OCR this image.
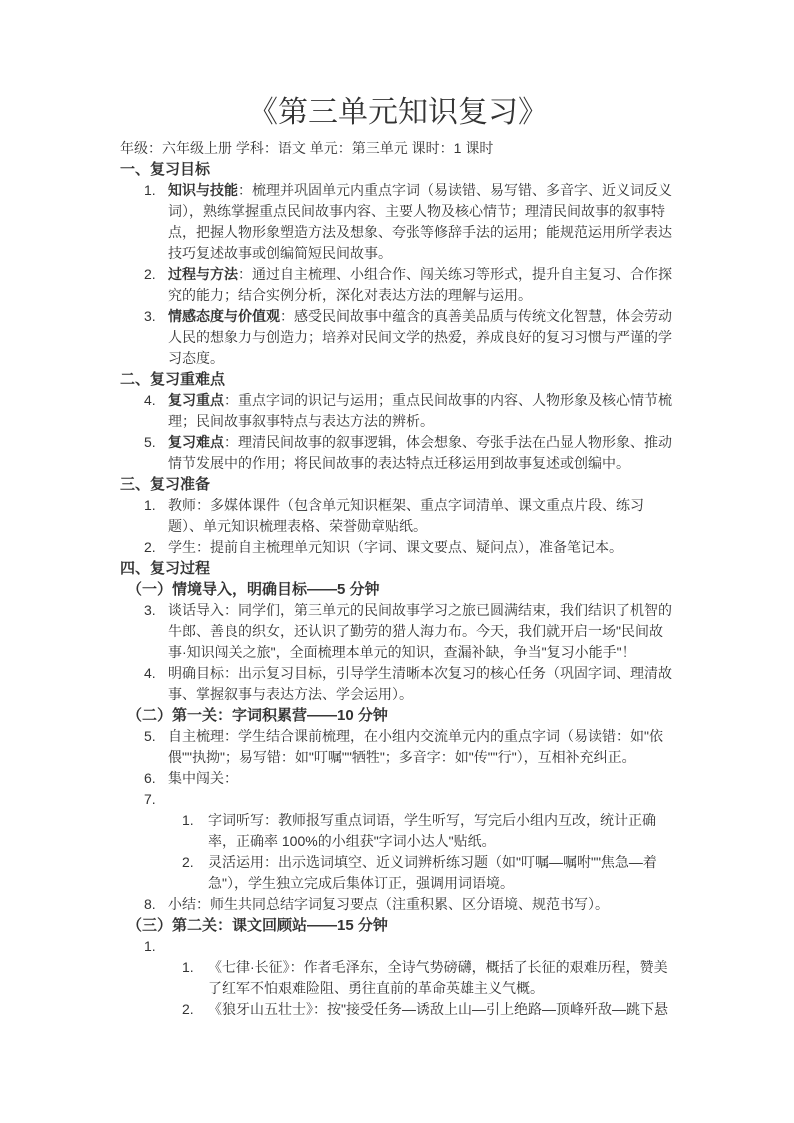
《第三单元知识复习》
年级：六年级上册 学科：语文 单元：第三单元 课时：1 课时
一、复习目标
1. 知识与技能：梳理并巩固单元内重点字词（易读错、易写错、多音字、近义词反义词），熟练掌握重点民间故事内容、主要人物及核心情节；理清民间故事的叙事特点，把握人物形象塑造方法及想象、夸张等修辞手法的运用；能规范运用所学表达技巧复述故事或创编简短民间故事。
2. 过程与方法：通过自主梳理、小组合作、闯关练习等形式，提升自主复习、合作探究的能力；结合实例分析，深化对表达方法的理解与运用。
3. 情感态度与价值观：感受民间故事中蕴含的真善美品质与传统文化智慧，体会劳动人民的想象力与创造力；培养对民间文学的热爱，养成良好的复习习惯与严谨的学习态度。
二、复习重难点
4. 复习重点：重点字词的识记与运用；重点民间故事的内容、人物形象及核心情节梳理；民间故事叙事特点与表达方法的辨析。
5. 复习难点：理清民间故事的叙事逻辑，体会想象、夸张手法在凸显人物形象、推动情节发展中的作用；将民间故事的表达特点迁移运用到故事复述或创编中。
三、复习准备
1. 教师：多媒体课件（包含单元知识框架、重点字词清单、课文重点片段、练习题）、单元知识梳理表格、荣誉勋章贴纸。
2. 学生：提前自主梳理单元知识（字词、课文要点、疑问点），准备笔记本。
四、复习过程
（一）情境导入，明确目标——5 分钟
3. 谈话导入：同学们，第三单元的民间故事学习之旅已圆满结束，我们结识了机智的牛郎、善良的织女，还认识了勤劳的猎人海力布。今天，我们就开启一场"民间故事·知识闯关之旅"，全面梳理本单元的知识，查漏补缺，争当"复习小能手"！
4. 明确目标：出示复习目标，引导学生清晰本次复习的核心任务（巩固字词、理清故事、掌握叙事与表达方法、学会运用）。
（二）第一关：字词积累营——10 分钟
5. 自主梳理：学生结合课前梳理，在小组内交流单元内的重点字词（易读错：如"依偎""执拗"；易写错：如"叮嘱""牺牲"；多音字：如"传""行"），互相补充纠正。
6. 集中闯关：
7.
1. 字词听写：教师报写重点词语，学生听写，写完后小组内互改，统计正确率，正确率 100%的小组获"字词小达人"贴纸。
2. 灵活运用：出示选词填空、近义词辨析练习题（如"叮嘱—嘱咐""焦急—着急"），学生独立完成后集体订正，强调用词语境。
8. 小结：师生共同总结字词复习要点（注重积累、区分语境、规范书写）。
（三）第二关：课文回顾站——15 分钟
1.
1. 《七律·长征》：作者毛泽东，全诗气势磅礴，概括了长征的艰难历程，赞美了红军不怕艰难险阻、勇往直前的革命英雄主义气概。
2. 《狼牙山五壮士》：按"接受任务—诱敌上山—引上绝路—顶峰歼敌—跳下悬
